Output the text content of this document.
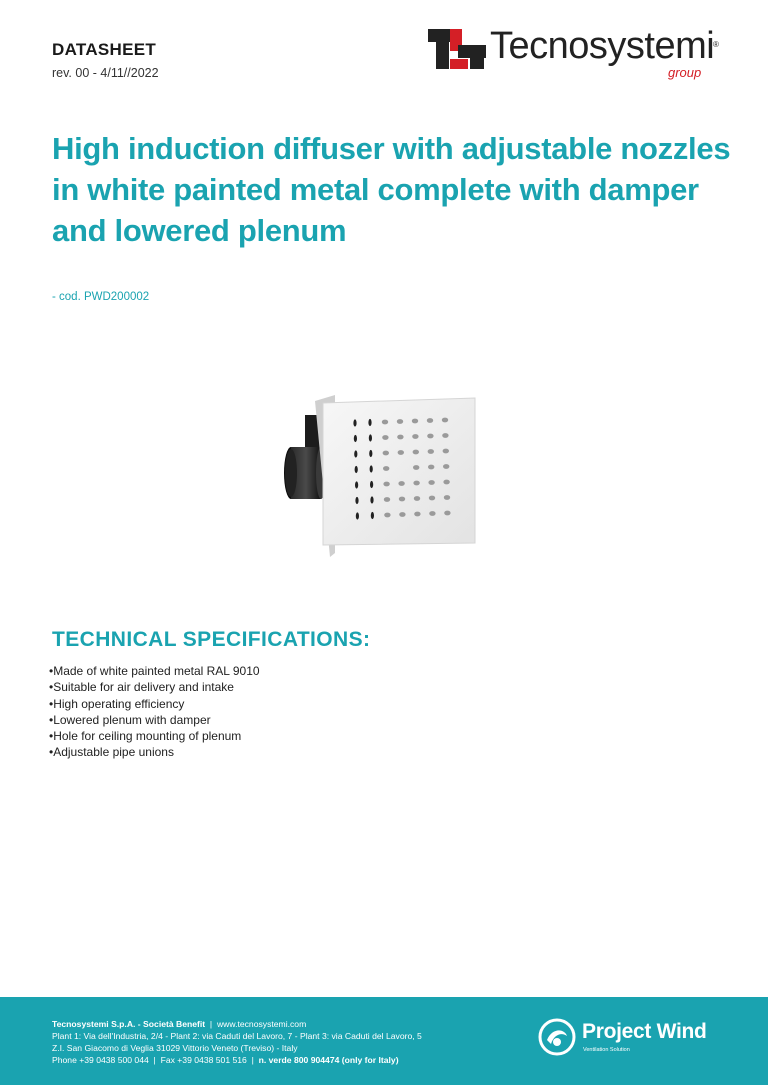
DATASHEET
rev. 00 - 4/11//2022
Tecnosystemi
®
group
High induction diffuser with adjustable nozzles in white painted metal complete with damper and lowered plenum
- cod. PWD200002
TECHNICAL SPECIFICATIONS:
• Made of white painted metal RAL 9010
• Suitable for air delivery and intake
• High operating efficiency
• Lowered plenum with damper
• Hole for ceiling mounting of plenum
• Adjustable pipe unions
Tecnosystemi S.p.A. - Società Benefit  |  www.tecnosystemi.com
Plant 1: Via dell'Industria, 2/4 - Plant 2: via Caduti del Lavoro, 7 - Plant 3: via Caduti del Lavoro, 5
Z.I. San Giacomo di Veglia 31029 Vittorio Veneto (Treviso) - Italy
Phone +39 0438 500 044  |  Fax +39 0438 501 516  |  n. verde 800 904474 (only for Italy)
Project Wind
Ventilation Solution
